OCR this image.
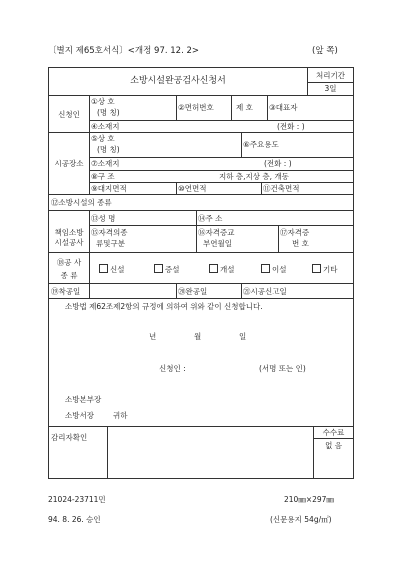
〔별지 제65호서식〕<개정 97. 12. 2>	(앞 쪽)
소방시설완공검사신청서
처리기간
3일
신청인
①상 호
(명 칭)
②면허번호	제 호 ③대표자
④소재지	(전화 : )
시공장소
⑤상 호
(명 칭)
⑥주요용도
⑦소재지	(전화 : )
⑧구 조	지하 층,지상 층, 개동
⑨대지면적	⑩연면적	⑪건축면적
⑫소방시설의 종류
책임소방
시설공사
⑬성 명	⑭주 소
⑮자격의종
류및구분
⑯자격증교
부연월일
⑰자격증
번 호
⑱공 사
종 류
신설	증설	개설	이설	기타
⑲착공일	⑳완공일	㉑시공신고일
소방법 제62조제2항의 규정에 의하여 위와 같이 신청합니다.
년	월	일
신청인 :	(서명 또는 인)
소방본부장
소방서장	귀하
감리자확인
수수료
없 음
21024-23711민
94. 8. 26. 승인
210㎜×297㎜
(신문용지 54g/㎡)
